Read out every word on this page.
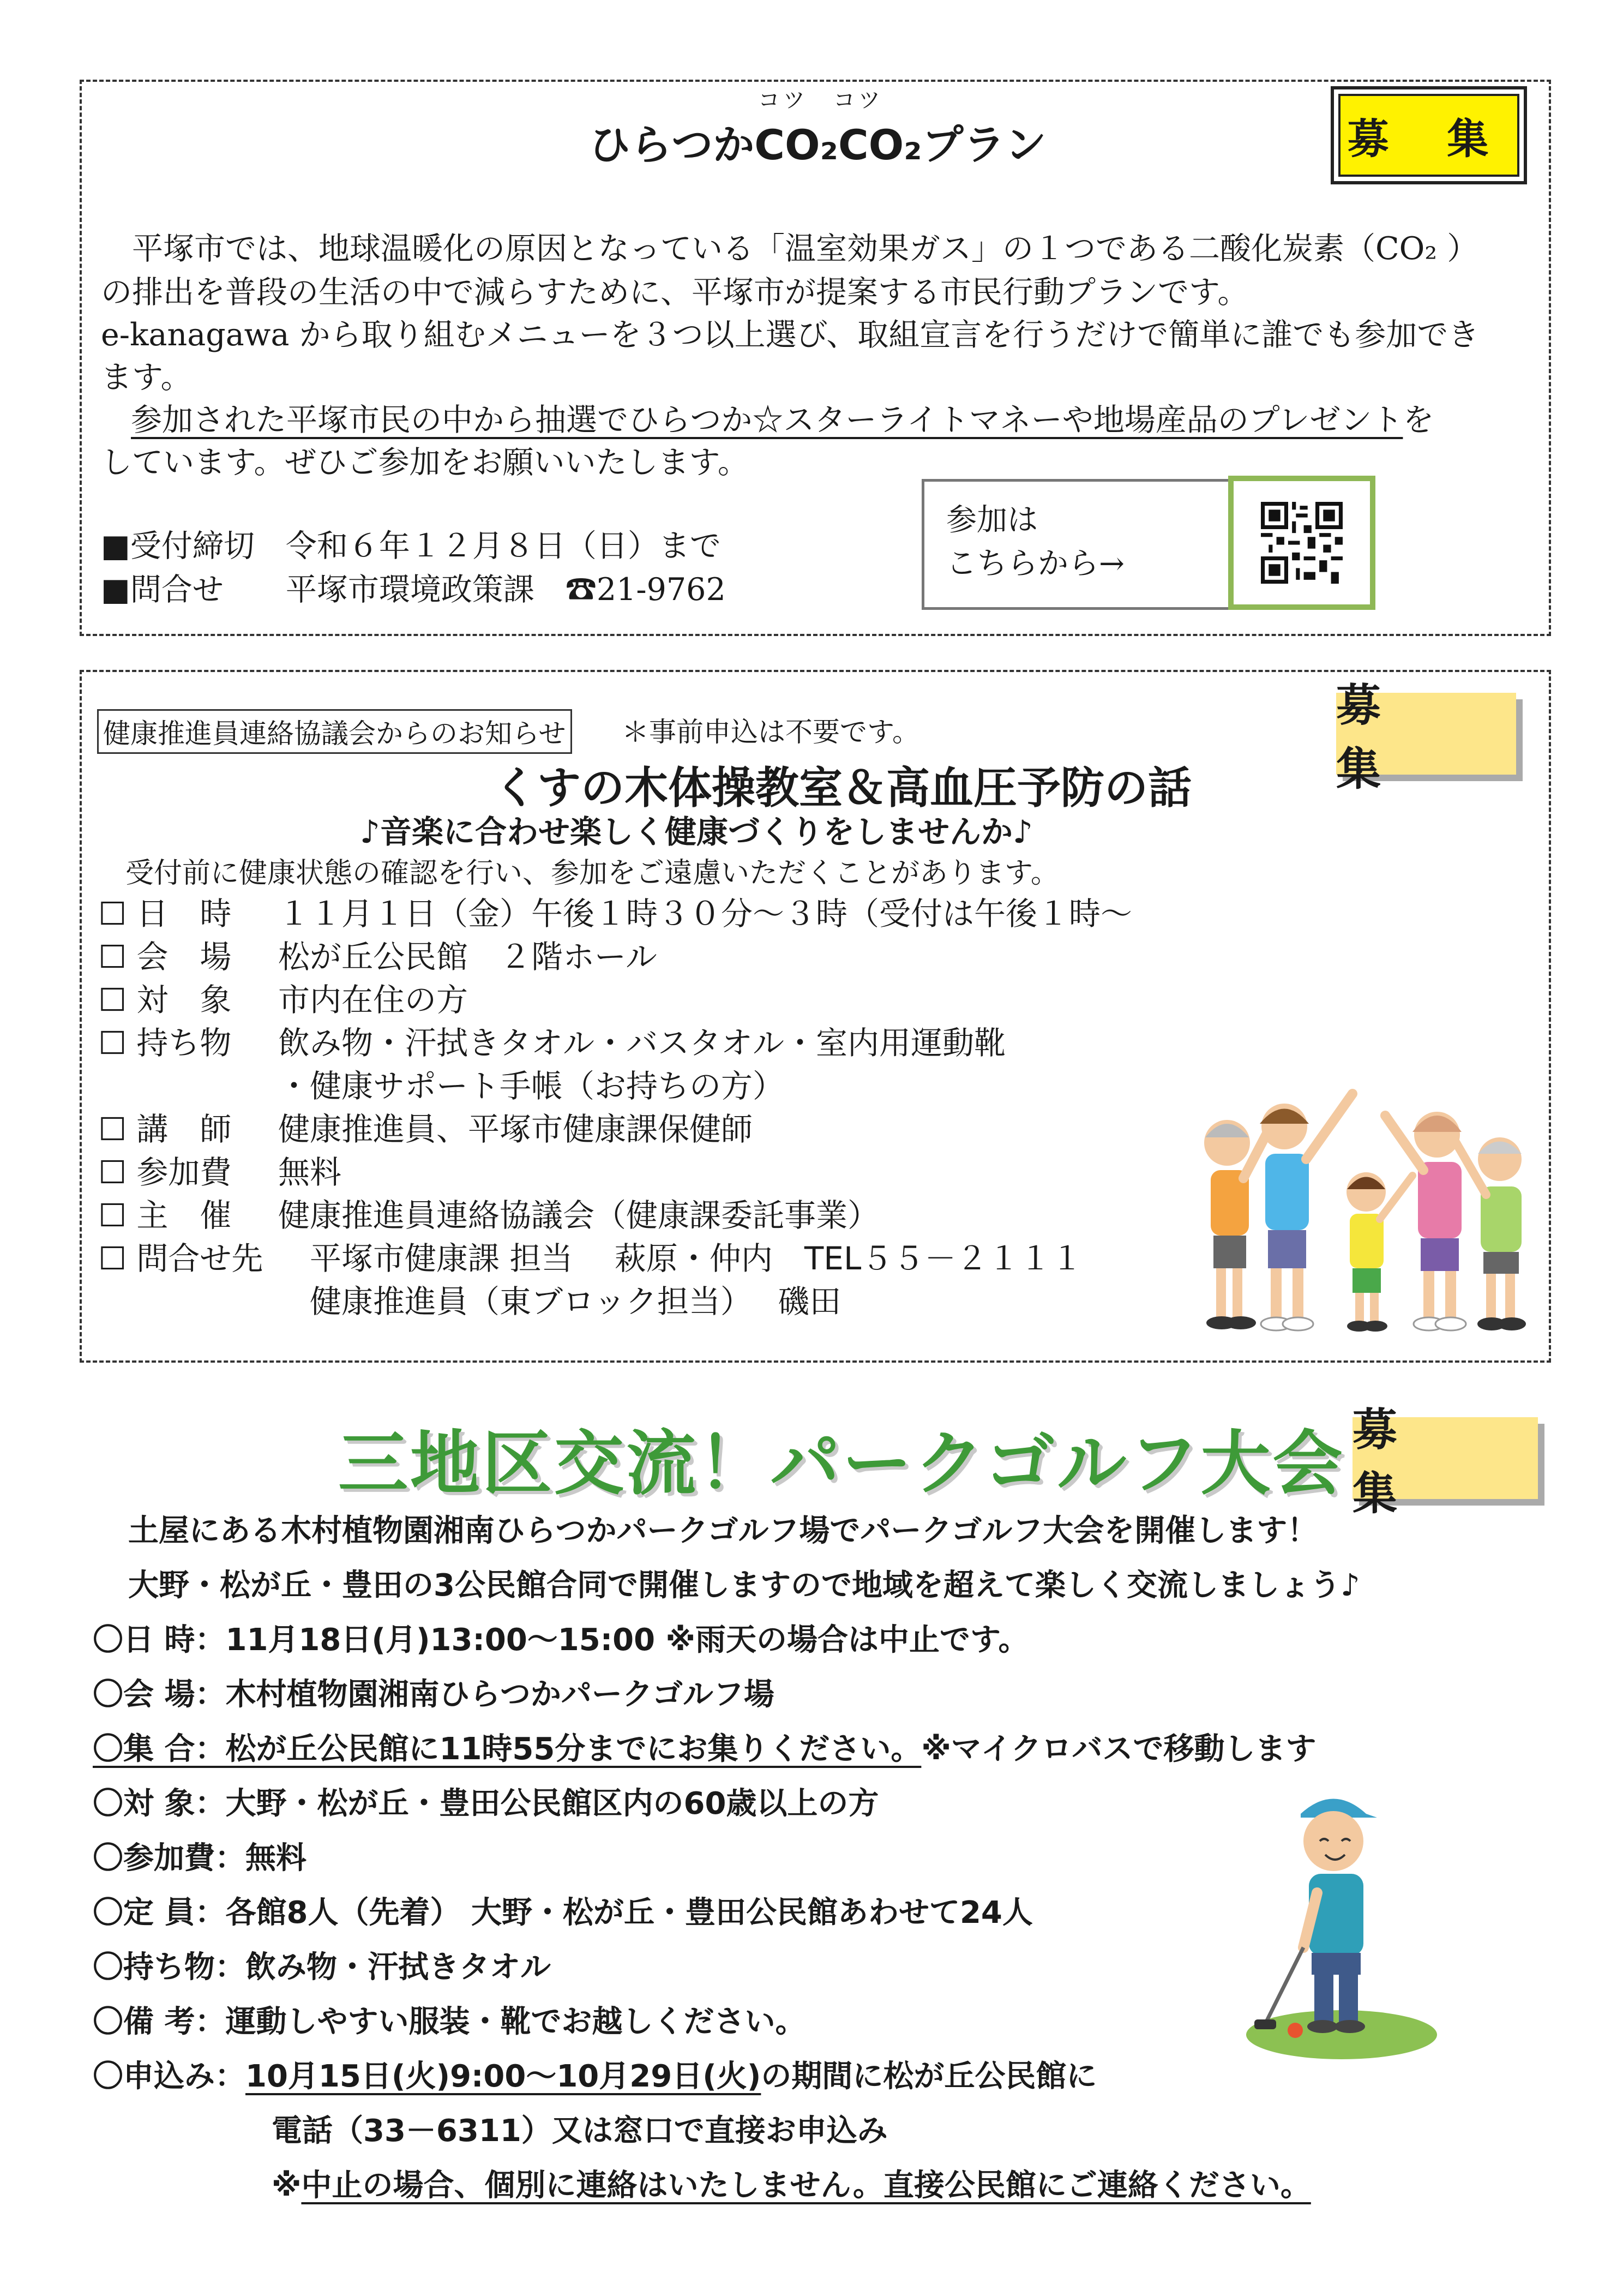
コツ　コツ
ひらつかCO₂CO₂プラン	募 集
　平塚市では、地球温暖化の原因となっている「温室効果ガス」の１つである二酸化炭素（CO₂ ）
の排出を普段の生活の中で減らすために、平塚市が提案する市民行動プランです。
e-kanagawa から取り組むメニューを３つ以上選び、取組宣言を行うだけで簡単に誰でも参加でき
ます。
参加された平塚市民の中から抽選でひらつか☆スターライトマネーや地場産品のプレゼントを
しています。ぜひご参加をお願いいたします。
■受付締切　令和６年１２月８日（日）まで
■問合せ　　平塚市環境政策課　☎21-9762
参加は
こちらから→
健康推進員連絡協議会からのお知らせ ＊事前申込は不要です。
募 集
くすの木体操教室＆高血圧予防の話
♪音楽に合わせ楽しく健康づくりをしませんか♪
受付前に健康状態の確認を行い、参加をご遠慮いただくことがあります。
☐ 日　時 １１月１日（金）午後１時３０分～３時（受付は午後１時～
☐ 会　場 松が丘公民館　２階ホール
☐ 対　象 市内在住の方
☐ 持ち物 飲み物・汗拭きタオル・バスタオル・室内用運動靴
・健康サポート手帳（お持ちの方）
☐ 講　師 健康推進員、平塚市健康課保健師
☐ 参加費 無料
☐ 主　催 健康推進員連絡協議会（健康課委託事業）
☐ 問合せ先　平塚市健康課 担当　 萩原・仲内　TEL５５－２１１１
　健康推進員（東ブロック担当）　 磯田
三地区交流！パークゴルフ大会 募 集

土屋にある木村植物園湘南ひらつかパークゴルフ場でパークゴルフ大会を開催します！

大野・松が丘・豊田の3公民館合同で開催しますので地域を超えて楽しく交流しましょう♪

〇日 時：11月18日(月)13:00～15:00 ※雨天の場合は中止です。

〇会 場：木村植物園湘南ひらつかパークゴルフ場

〇集 合：松が丘公民館に11時55分までにお集りください。※マイクロバスで移動します

〇対 象：大野・松が丘・豊田公民館区内の60歳以上の方

〇参加費：無料

〇定 員：各館8人（先着） 大野・松が丘・豊田公民館あわせて24人

〇持ち物：飲み物・汗拭きタオル

〇備 考：運動しやすい服装・靴でお越しください。

〇申込み：10月15日(火)9:00～10月29日(火)の期間に松が丘公民館に

電話（33－6311）又は窓口で直接お申込み

※中止の場合、個別に連絡はいたしません。直接公民館にご連絡ください。
